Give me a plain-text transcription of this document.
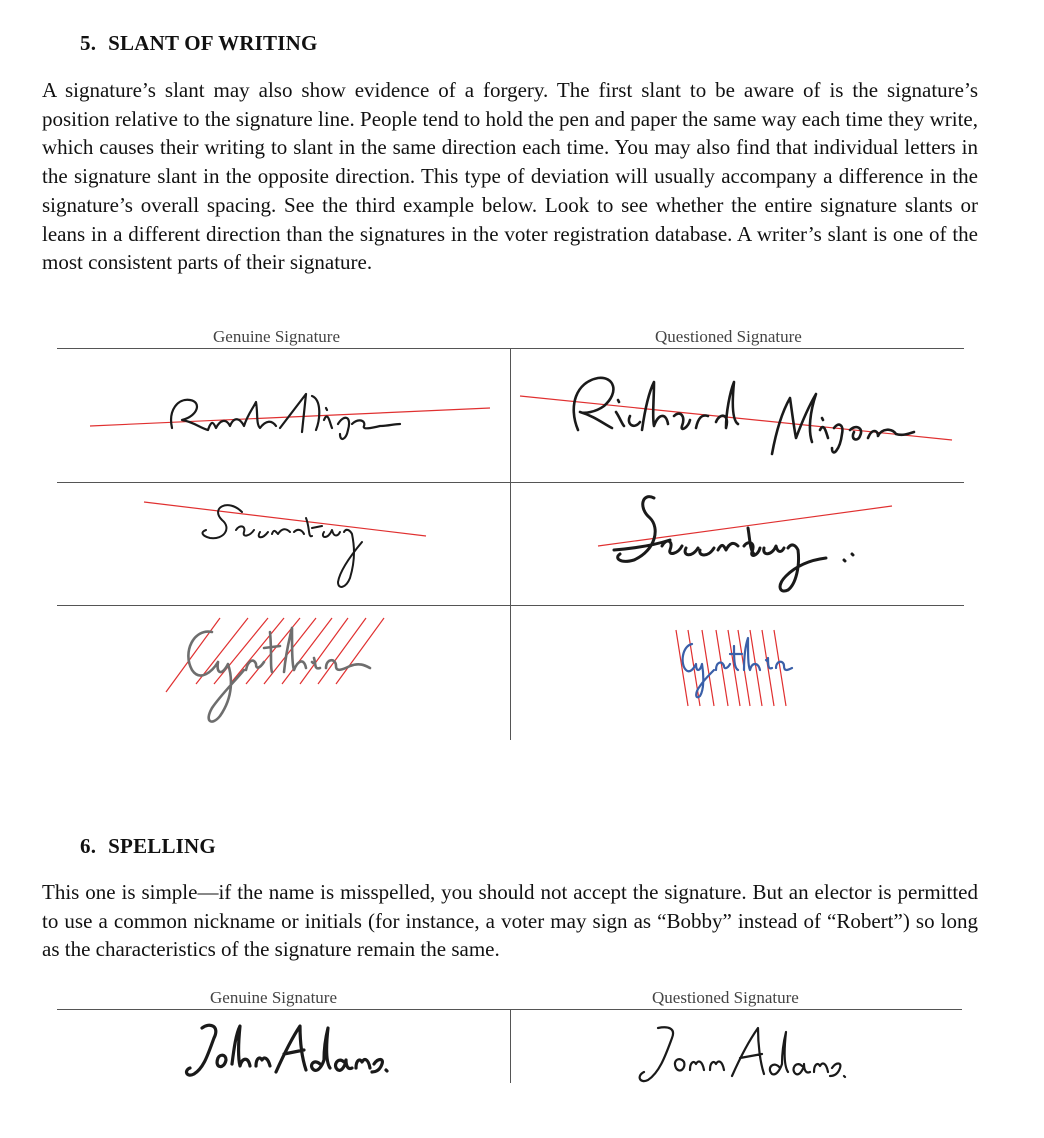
5. SLANT OF WRITING

A signature’s slant may also show evidence of a forgery. The first slant to be aware of is the signature’s position relative to the signature line. People tend to hold the pen and paper the same way each time they write, which causes their writing to slant in the same direction each time. You may also find that individual letters in the signature slant in the opposite direction. This type of deviation will usually accompany a difference in the signature’s overall spacing. See the third example below. Look to see whether the entire signature slants or leans in a different direction than the signatures in the voter registration database. A writer’s slant is one of the most consistent parts of their signature.

Genuine Signature	Questioned Signature
6. SPELLING

This one is simple—if the name is misspelled, you should not accept the signature. But an elector is permitted to use a common nickname or initials (for instance, a voter may sign as “Bobby” instead of “Robert”) so long as the characteristics of the signature remain the same.

Genuine Signature	Questioned Signature
